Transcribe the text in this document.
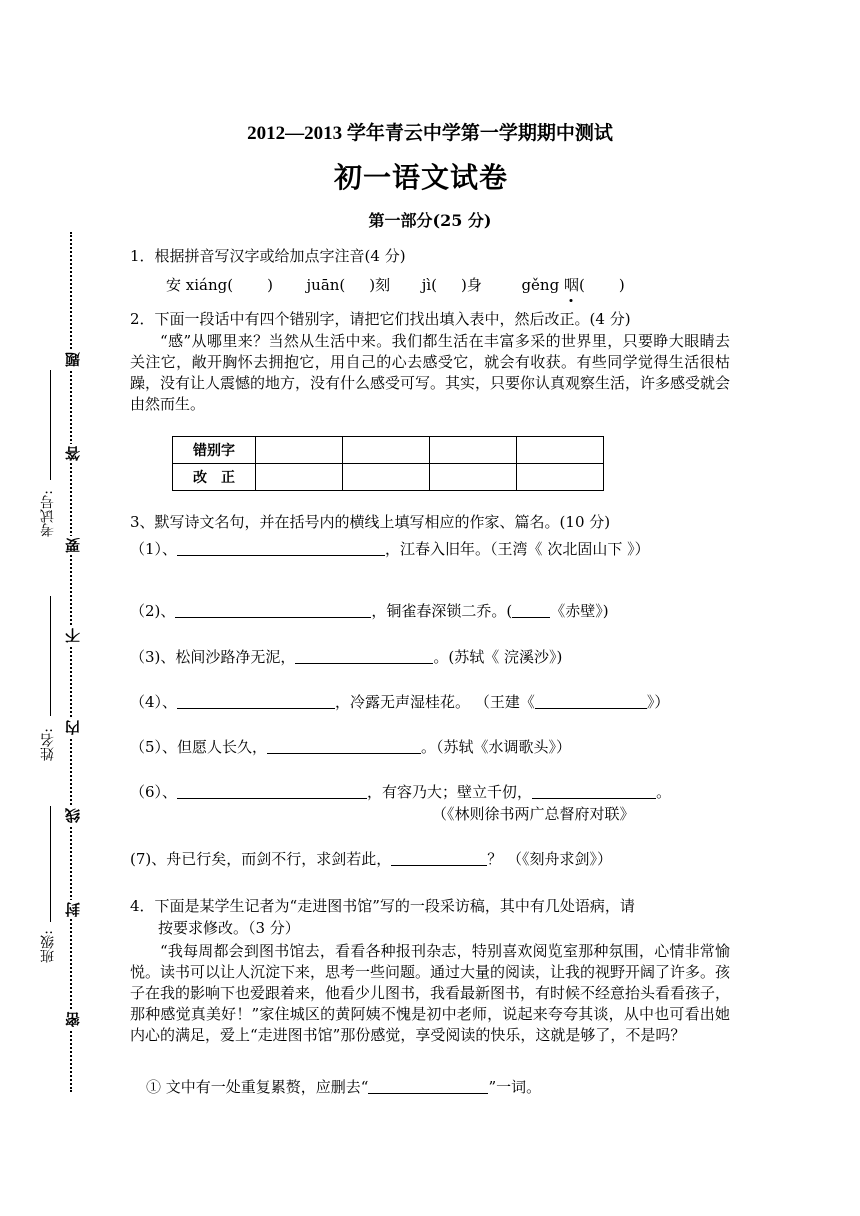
2012—2013 学年青云中学第一学期期中测试
初一语文试卷
第一部分(25 分)
题
答
要
不
内
线
封
密
考试号:
姓名:
班级:
1．根据拼音写汉字或给加点字注音(4 分)
安 xiáng( ) juān( )刻 jì( )身	gěng 咽( )
2．下面一段话中有四个错别字，请把它们找出填入表中，然后改正。(4 分)
“感”从哪里来？当然从生活中来。我们都生活在丰富多采的世界里，只要睁大眼睛去关注它，敞开胸怀去拥抱它，用自己的心去感受它，就会有收获。有些同学觉得生活很枯躁，没有让人震憾的地方，没有什么感受可写。其实，只要你认真观察生活，许多感受就会由然而生。
错别字				
改　正				
3、默写诗文名句，并在括号内的横线上填写相应的作家、篇名。(10 分)
（1）、	，江春入旧年。（王湾《 次北固山下 》）
（2)、	，铜雀春深锁二乔。(	《赤壁》)
（3)、松间沙路净无泥，	。(苏轼《 浣溪沙》)
（4）、	，冷露无声湿桂花。 （王建《	》）
（5）、但愿人长久，	。（苏轼《水调歌头》）
（6）、	，有容乃大；壁立千仞，	。
（《林则徐书两广总督府对联》
(7)、舟已行矣，而剑不行，求剑若此，	？ （《刻舟求剑》）
4．下面是某学生记者为“走进图书馆”写的一段采访稿，其中有几处语病，请
按要求修改。（3 分）
“我每周都会到图书馆去，看看各种报刊杂志，特别喜欢阅览室那种氛围，心情非常愉悦。读书可以让人沉淀下来，思考一些问题。通过大量的阅读，让我的视野开阔了许多。孩子在我的影响下也爱跟着来，他看少儿图书，我看最新图书，有时候不经意抬头看看孩子，那种感觉真美好！”家住城区的黄阿姨不愧是初中老师，说起来夸夸其谈，从中也可看出她内心的满足，爱上“走进图书馆”那份感觉，享受阅读的快乐，这就是够了，不是吗？
① 文中有一处重复累赘，应删去“	”一词。
